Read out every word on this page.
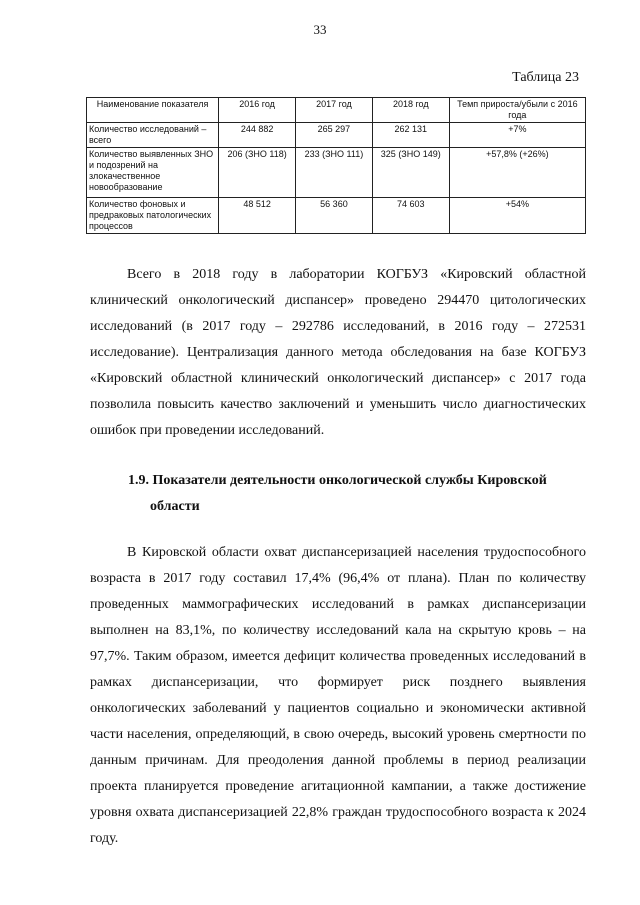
33
Таблица 23
Наименование показателя	2016 год	2017 год	2018 год	Темп прироста/убыли с 2016 года
Количество исследований – всего	244 882	265 297	262 131	+7%
Количество выявленных ЗНО и подозрений на злокачественное новообразование	206 (ЗНО 118)	233 (ЗНО 111)	325 (ЗНО 149)	+57,8% (+26%)
Количество фоновых и предраковых патологических процессов	48 512	56 360	74 603	+54%
Всего в 2018 году в лаборатории КОГБУЗ «Кировский областной клинический онкологический диспансер» проведено 294470 цитологических исследований (в 2017 году – 292786 исследований, в 2016 году – 272531 исследование). Централизация данного метода обследования на базе КОГБУЗ «Кировский областной клинический онкологический диспансер» с 2017 года позволила повысить качество заключений и уменьшить число диагностических ошибок при проведении исследований.
1.9. Показатели деятельности онкологической службы Кировской
области
В Кировской области охват диспансеризацией населения трудоспособного возраста в 2017 году составил 17,4% (96,4% от плана). План по количеству проведенных маммографических исследований в рамках диспансеризации выполнен на 83,1%, по количеству исследований кала на скрытую кровь – на 97,7%. Таким образом, имеется дефицит количества проведенных исследований в рамках диспансеризации, что формирует риск позднего выявления онкологических заболеваний у пациентов социально и экономически активной части населения, определяющий, в свою очередь, высокий уровень смертности по данным причинам. Для преодоления данной проблемы в период реализации проекта планируется проведение агитационной кампании, а также достижение уровня охвата диспансеризацией 22,8% граждан трудоспособного возраста к 2024 году.
